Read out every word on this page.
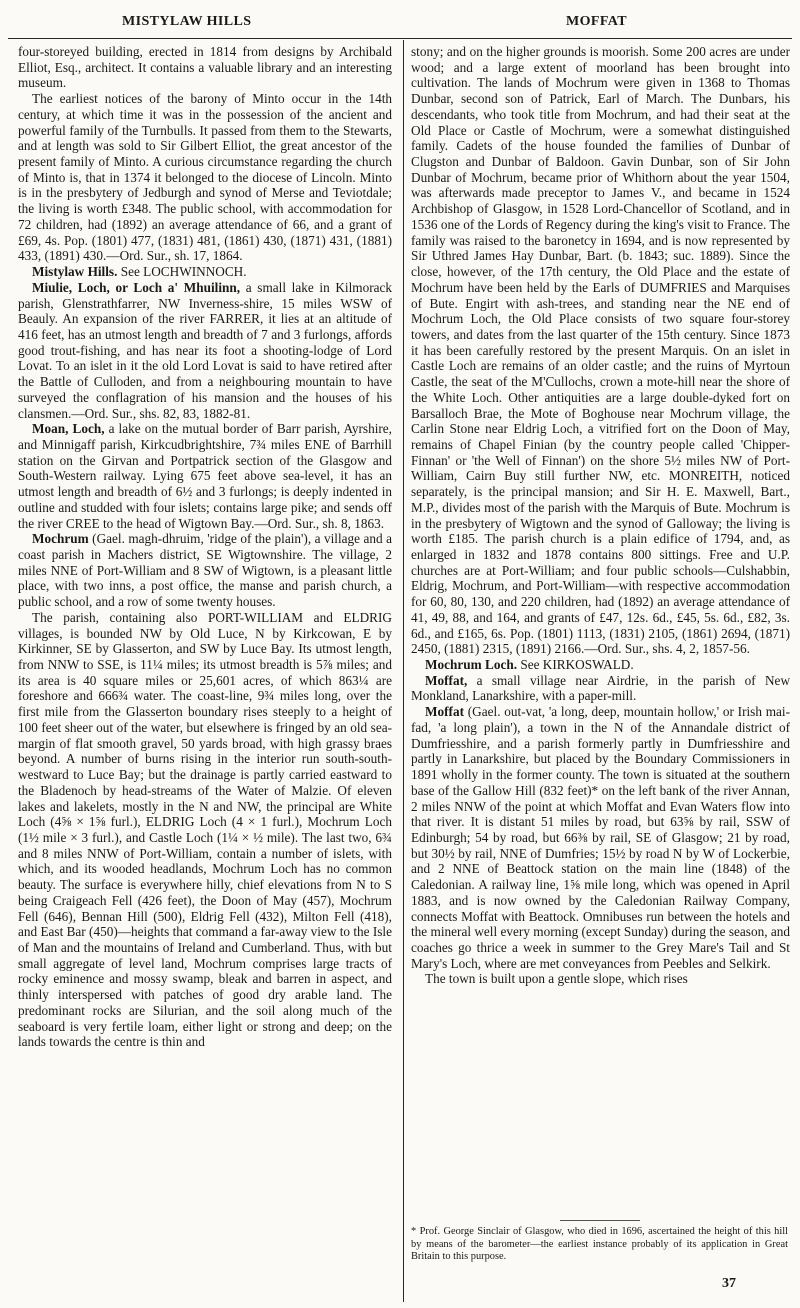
MISTYLAW HILLS	MOFFAT

four-storeyed building, erected in 1814 from designs by Archibald Elliot, Esq., architect. It contains a valuable library and an interesting museum.

The earliest notices of the barony of Minto occur in the 14th century, at which time it was in the possession of the ancient and powerful family of the Turnbulls. It passed from them to the Stewarts, and at length was sold to Sir Gilbert Elliot, the great ancestor of the present family of Minto. A curious circumstance regarding the church of Minto is, that in 1374 it belonged to the diocese of Lincoln. Minto is in the presbytery of Jedburgh and synod of Merse and Teviotdale; the living is worth £348. The public school, with accommodation for 72 children, had (1892) an average attendance of 66, and a grant of £69, 4s. Pop. (1801) 477, (1831) 481, (1861) 430, (1871) 431, (1881) 433, (1891) 430.—Ord. Sur., sh. 17, 1864.

Mistylaw Hills. See LOCHWINNOCH.

Miulie, Loch, or Loch a' Mhuilinn, a small lake in Kilmorack parish, Glenstrathfarrer, NW Inverness-shire, 15 miles WSW of Beauly. An expansion of the river FARRER, it lies at an altitude of 416 feet, has an utmost length and breadth of 7 and 3 furlongs, affords good trout-fishing, and has near its foot a shooting-lodge of Lord Lovat. To an islet in it the old Lord Lovat is said to have retired after the Battle of Culloden, and from a neighbouring mountain to have surveyed the conflagration of his mansion and the houses of his clansmen.—Ord. Sur., shs. 82, 83, 1882-81.

Moan, Loch, a lake on the mutual border of Barr parish, Ayrshire, and Minnigaff parish, Kirkcudbrightshire, 7¾ miles ENE of Barrhill station on the Girvan and Portpatrick section of the Glasgow and South-Western railway. Lying 675 feet above sea-level, it has an utmost length and breadth of 6½ and 3 furlongs; is deeply indented in outline and studded with four islets; contains large pike; and sends off the river CREE to the head of Wigtown Bay.—Ord. Sur., sh. 8, 1863.

Mochrum (Gael. magh-dhruim, 'ridge of the plain'), a village and a coast parish in Machers district, SE Wigtownshire. The village, 2 miles NNE of Port-William and 8 SW of Wigtown, is a pleasant little place, with two inns, a post office, the manse and parish church, a public school, and a row of some twenty houses.

The parish, containing also PORT-WILLIAM and ELDRIG villages, is bounded NW by Old Luce, N by Kirkcowan, E by Kirkinner, SE by Glasserton, and SW by Luce Bay. Its utmost length, from NNW to SSE, is 11¼ miles; its utmost breadth is 5⅞ miles; and its area is 40 square miles or 25,601 acres, of which 863¼ are foreshore and 666¾ water. The coast-line, 9¾ miles long, over the first mile from the Glasserton boundary rises steeply to a height of 100 feet sheer out of the water, but elsewhere is fringed by an old sea-margin of flat smooth gravel, 50 yards broad, with high grassy braes beyond. A number of burns rising in the interior run south-south-westward to Luce Bay; but the drainage is partly carried eastward to the Bladenoch by head-streams of the Water of Malzie. Of eleven lakes and lakelets, mostly in the N and NW, the principal are White Loch (4⅝ × 1⅝ furl.), ELDRIG Loch (4 × 1 furl.), Mochrum Loch (1½ mile × 3 furl.), and Castle Loch (1¼ × ½ mile). The last two, 6¾ and 8 miles NNW of Port-William, contain a number of islets, with which, and its wooded headlands, Mochrum Loch has no common beauty. The surface is everywhere hilly, chief elevations from N to S being Craigeach Fell (426 feet), the Doon of May (457), Mochrum Fell (646), Bennan Hill (500), Eldrig Fell (432), Milton Fell (418), and East Bar (450)—heights that command a far-away view to the Isle of Man and the mountains of Ireland and Cumberland. Thus, with but small aggregate of level land, Mochrum comprises large tracts of rocky eminence and mossy swamp, bleak and barren in aspect, and thinly interspersed with patches of good dry arable land. The predominant rocks are Silurian, and the soil along much of the seaboard is very fertile loam, either light or strong and deep; on the lands towards the centre is thin and

stony; and on the higher grounds is moorish. Some 200 acres are under wood; and a large extent of moorland has been brought into cultivation. The lands of Mochrum were given in 1368 to Thomas Dunbar, second son of Patrick, Earl of March. The Dunbars, his descendants, who took title from Mochrum, and had their seat at the Old Place or Castle of Mochrum, were a somewhat distinguished family. Cadets of the house founded the families of Dunbar of Clugston and Dunbar of Baldoon. Gavin Dunbar, son of Sir John Dunbar of Mochrum, became prior of Whithorn about the year 1504, was afterwards made preceptor to James V., and became in 1524 Archbishop of Glasgow, in 1528 Lord-Chancellor of Scotland, and in 1536 one of the Lords of Regency during the king's visit to France. The family was raised to the baronetcy in 1694, and is now represented by Sir Uthred James Hay Dunbar, Bart. (b. 1843; suc. 1889). Since the close, however, of the 17th century, the Old Place and the estate of Mochrum have been held by the Earls of DUMFRIES and Marquises of Bute. Engirt with ash-trees, and standing near the NE end of Mochrum Loch, the Old Place consists of two square four-storey towers, and dates from the last quarter of the 15th century. Since 1873 it has been carefully restored by the present Marquis. On an islet in Castle Loch are remains of an older castle; and the ruins of Myrtoun Castle, the seat of the M'Cullochs, crown a mote-hill near the shore of the White Loch. Other antiquities are a large double-dyked fort on Barsalloch Brae, the Mote of Boghouse near Mochrum village, the Carlin Stone near Eldrig Loch, a vitrified fort on the Doon of May, remains of Chapel Finian (by the country people called 'Chipper-Finnan' or 'the Well of Finnan') on the shore 5½ miles NW of Port-William, Cairn Buy still further NW, etc. MONREITH, noticed separately, is the principal mansion; and Sir H. E. Maxwell, Bart., M.P., divides most of the parish with the Marquis of Bute. Mochrum is in the presbytery of Wigtown and the synod of Galloway; the living is worth £185. The parish church is a plain edifice of 1794, and, as enlarged in 1832 and 1878 contains 800 sittings. Free and U.P. churches are at Port-William; and four public schools—Culshabbin, Eldrig, Mochrum, and Port-William—with respective accommodation for 60, 80, 130, and 220 children, had (1892) an average attendance of 41, 49, 88, and 164, and grants of £47, 12s. 6d., £45, 5s. 6d., £82, 3s. 6d., and £165, 6s. Pop. (1801) 1113, (1831) 2105, (1861) 2694, (1871) 2450, (1881) 2315, (1891) 2166.—Ord. Sur., shs. 4, 2, 1857-56.

Mochrum Loch. See KIRKOSWALD.

Moffat, a small village near Airdrie, in the parish of New Monkland, Lanarkshire, with a paper-mill.

Moffat (Gael. out-vat, 'a long, deep, mountain hollow,' or Irish mai-fad, 'a long plain'), a town in the N of the Annandale district of Dumfriesshire, and a parish formerly partly in Dumfriesshire and partly in Lanarkshire, but placed by the Boundary Commissioners in 1891 wholly in the former county. The town is situated at the southern base of the Gallow Hill (832 feet)* on the left bank of the river Annan, 2 miles NNW of the point at which Moffat and Evan Waters flow into that river. It is distant 51 miles by road, but 63⅝ by rail, SSW of Edinburgh; 54 by road, but 66⅜ by rail, SE of Glasgow; 21 by road, but 30½ by rail, NNE of Dumfries; 15½ by road N by W of Lockerbie, and 2 NNE of Beattock station on the main line (1848) of the Caledonian. A railway line, 1⅝ mile long, which was opened in April 1883, and is now owned by the Caledonian Railway Company, connects Moffat with Beattock. Omnibuses run between the hotels and the mineral well every morning (except Sunday) during the season, and coaches go thrice a week in summer to the Grey Mare's Tail and St Mary's Loch, where are met conveyances from Peebles and Selkirk.

The town is built upon a gentle slope, which rises

* Prof. George Sinclair of Glasgow, who died in 1696, ascertained the height of this hill by means of the barometer—the earliest instance probably of its application in Great Britain to this purpose.
37
